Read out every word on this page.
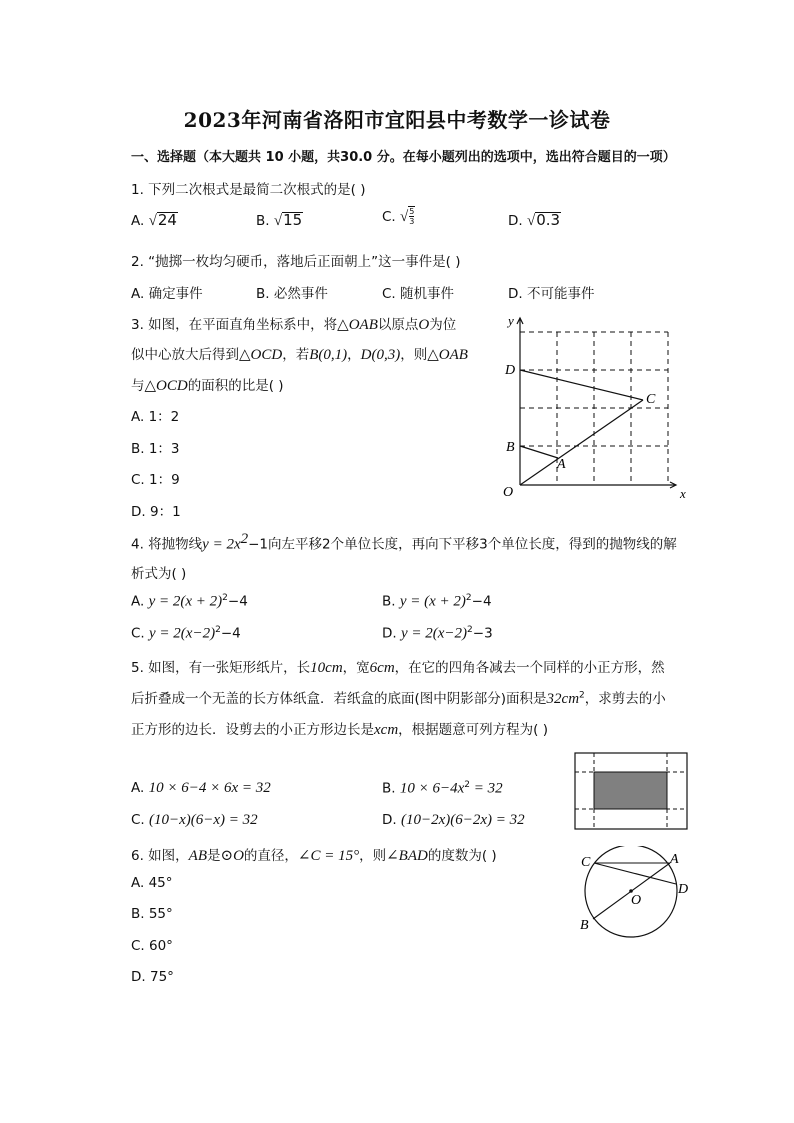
2023年河南省洛阳市宜阳县中考数学一诊试卷
一、选择题（本大题共 10 小题，共30.0 分。在每小题列出的选项中，选出符合题目的一项）
1. 下列二次根式是最简二次根式的是( )
A. √24	B. √15	C. √ $\frac{5}{3}$	D. √0.3
2. “抛掷一枚均匀硬币，落地后正面朝上”这一事件是( )
A. 确定事件	B. 必然事件	C. 随机事件	D. 不可能事件
3. 如图，在平面直角坐标系中，将△OAB以原点O为位
似中心放大后得到△OCD，若B(0,1)，D(0,3)，则△OAB
与△OCD的面积的比是( )
A. 1：2
B. 1：3
C. 1：9
D. 9：1
y
x
O
D
C
B
A
4. 将抛物线$y = 2x^2-1$向左平移2个单位长度，再向下平移3个单位长度，得到的抛物线的解
析式为( )
A. $y = 2(x + 2)^2-4$	B. $y = (x + 2)^2-4$
C. $y = 2(x-2)^2-4$	D. $y = 2(x-2)^2-3$
5. 如图，有一张矩形纸片，长10cm，宽6cm，在它的四角各减去一个同样的小正方形，然
后折叠成一个无盖的长方体纸盒．若纸盒的底面(图中阴影部分)面积是$32cm^2$，求剪去的小
正方形的边长．设剪去的小正方形边长是xcm，根据题意可列方程为( )
A. 10 × 6−4 × 6x = 32	B. $10 \times 6-4x^2 = 32$
C. (10−x)(6−x) = 32	D. (10−2x)(6−2x) = 32
6. 如图，AB是⊙O的直径，∠C = 15°，则∠BAD的度数为( )
A. 45°
B. 55°
C. 60°
D. 75°
C	A
D
O
B
